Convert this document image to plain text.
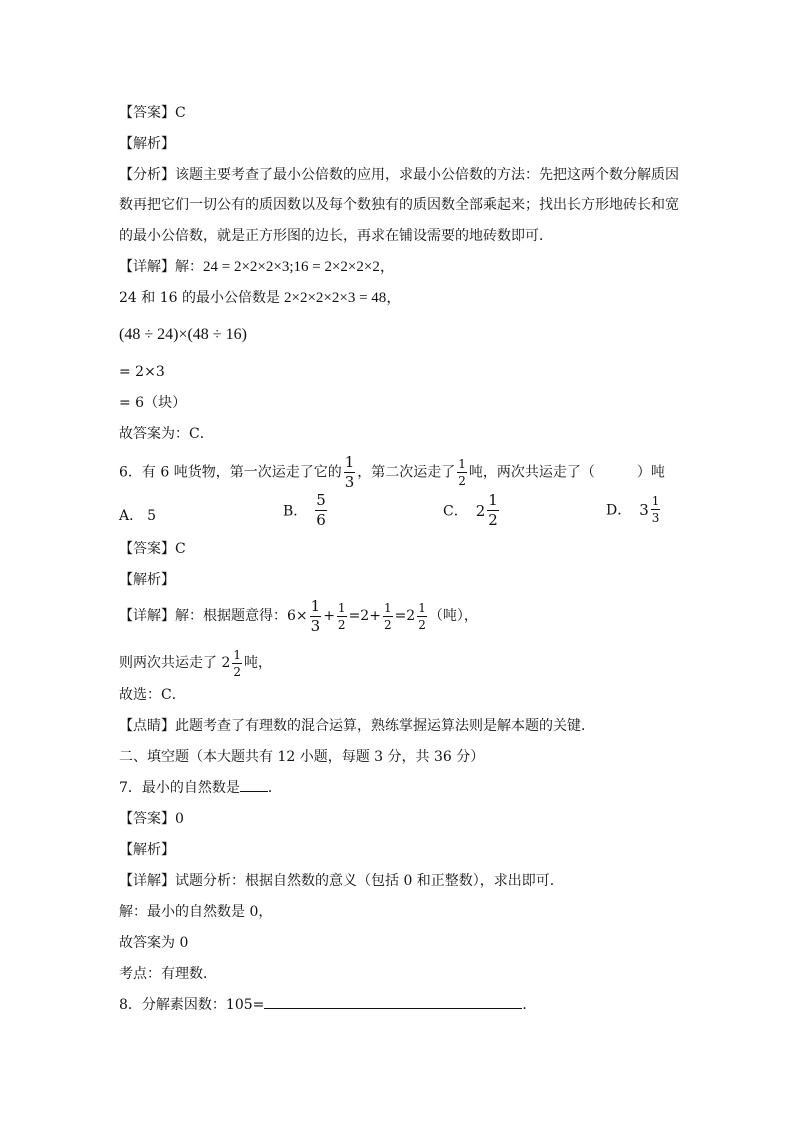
【答案】C
【解析】
【分析】该题主要考查了最小公倍数的应用，求最小公倍数的方法：先把这两个数分解质因
数再把它们一切公有的质因数以及每个数独有的质因数全部乘起来；找出长方形地砖长和宽
的最小公倍数，就是正方形图的边长，再求在铺设需要的地砖数即可．
【详解】解：24 = 2×2×2×3;16 = 2×2×2×2，
24 和 16 的最小公倍数是 2×2×2×2×3 = 48，
(48 ÷ 24)×(48 ÷ 16)
= 2×3
= 6（块）
故答案为：C．
6．有 6 吨货物，第一次运走了它的 $\frac{1}{3}$ ，第二次运走了 $\frac{1}{2}$ 吨，两次共运走了（　　　）吨
A． 5	B． $\frac{5}{6}$	C． $2 \frac{1}{2}$	D． $3 \frac{1}{3}$
【答案】C
【解析】
【详解】解：根据题意得：$6\times \frac{1}{3} + \frac{1}{2} =2+ \frac{1}{2} =2 \frac{1}{2}$ （吨），
则两次共运走了 $2 \frac{1}{2}$ 吨，
故选：C．
【点睛】此题考查了有理数的混合运算，熟练掌握运算法则是解本题的关键．
二、填空题（本大题共有 12 小题，每题 3 分，共 36 分）
7．最小的自然数是 ．
【答案】0
【解析】
【详解】试题分析：根据自然数的意义（包括 0 和正整数），求出即可．
解：最小的自然数是 0，
故答案为 0
考点：有理数．
8．分解素因数：105=	．
